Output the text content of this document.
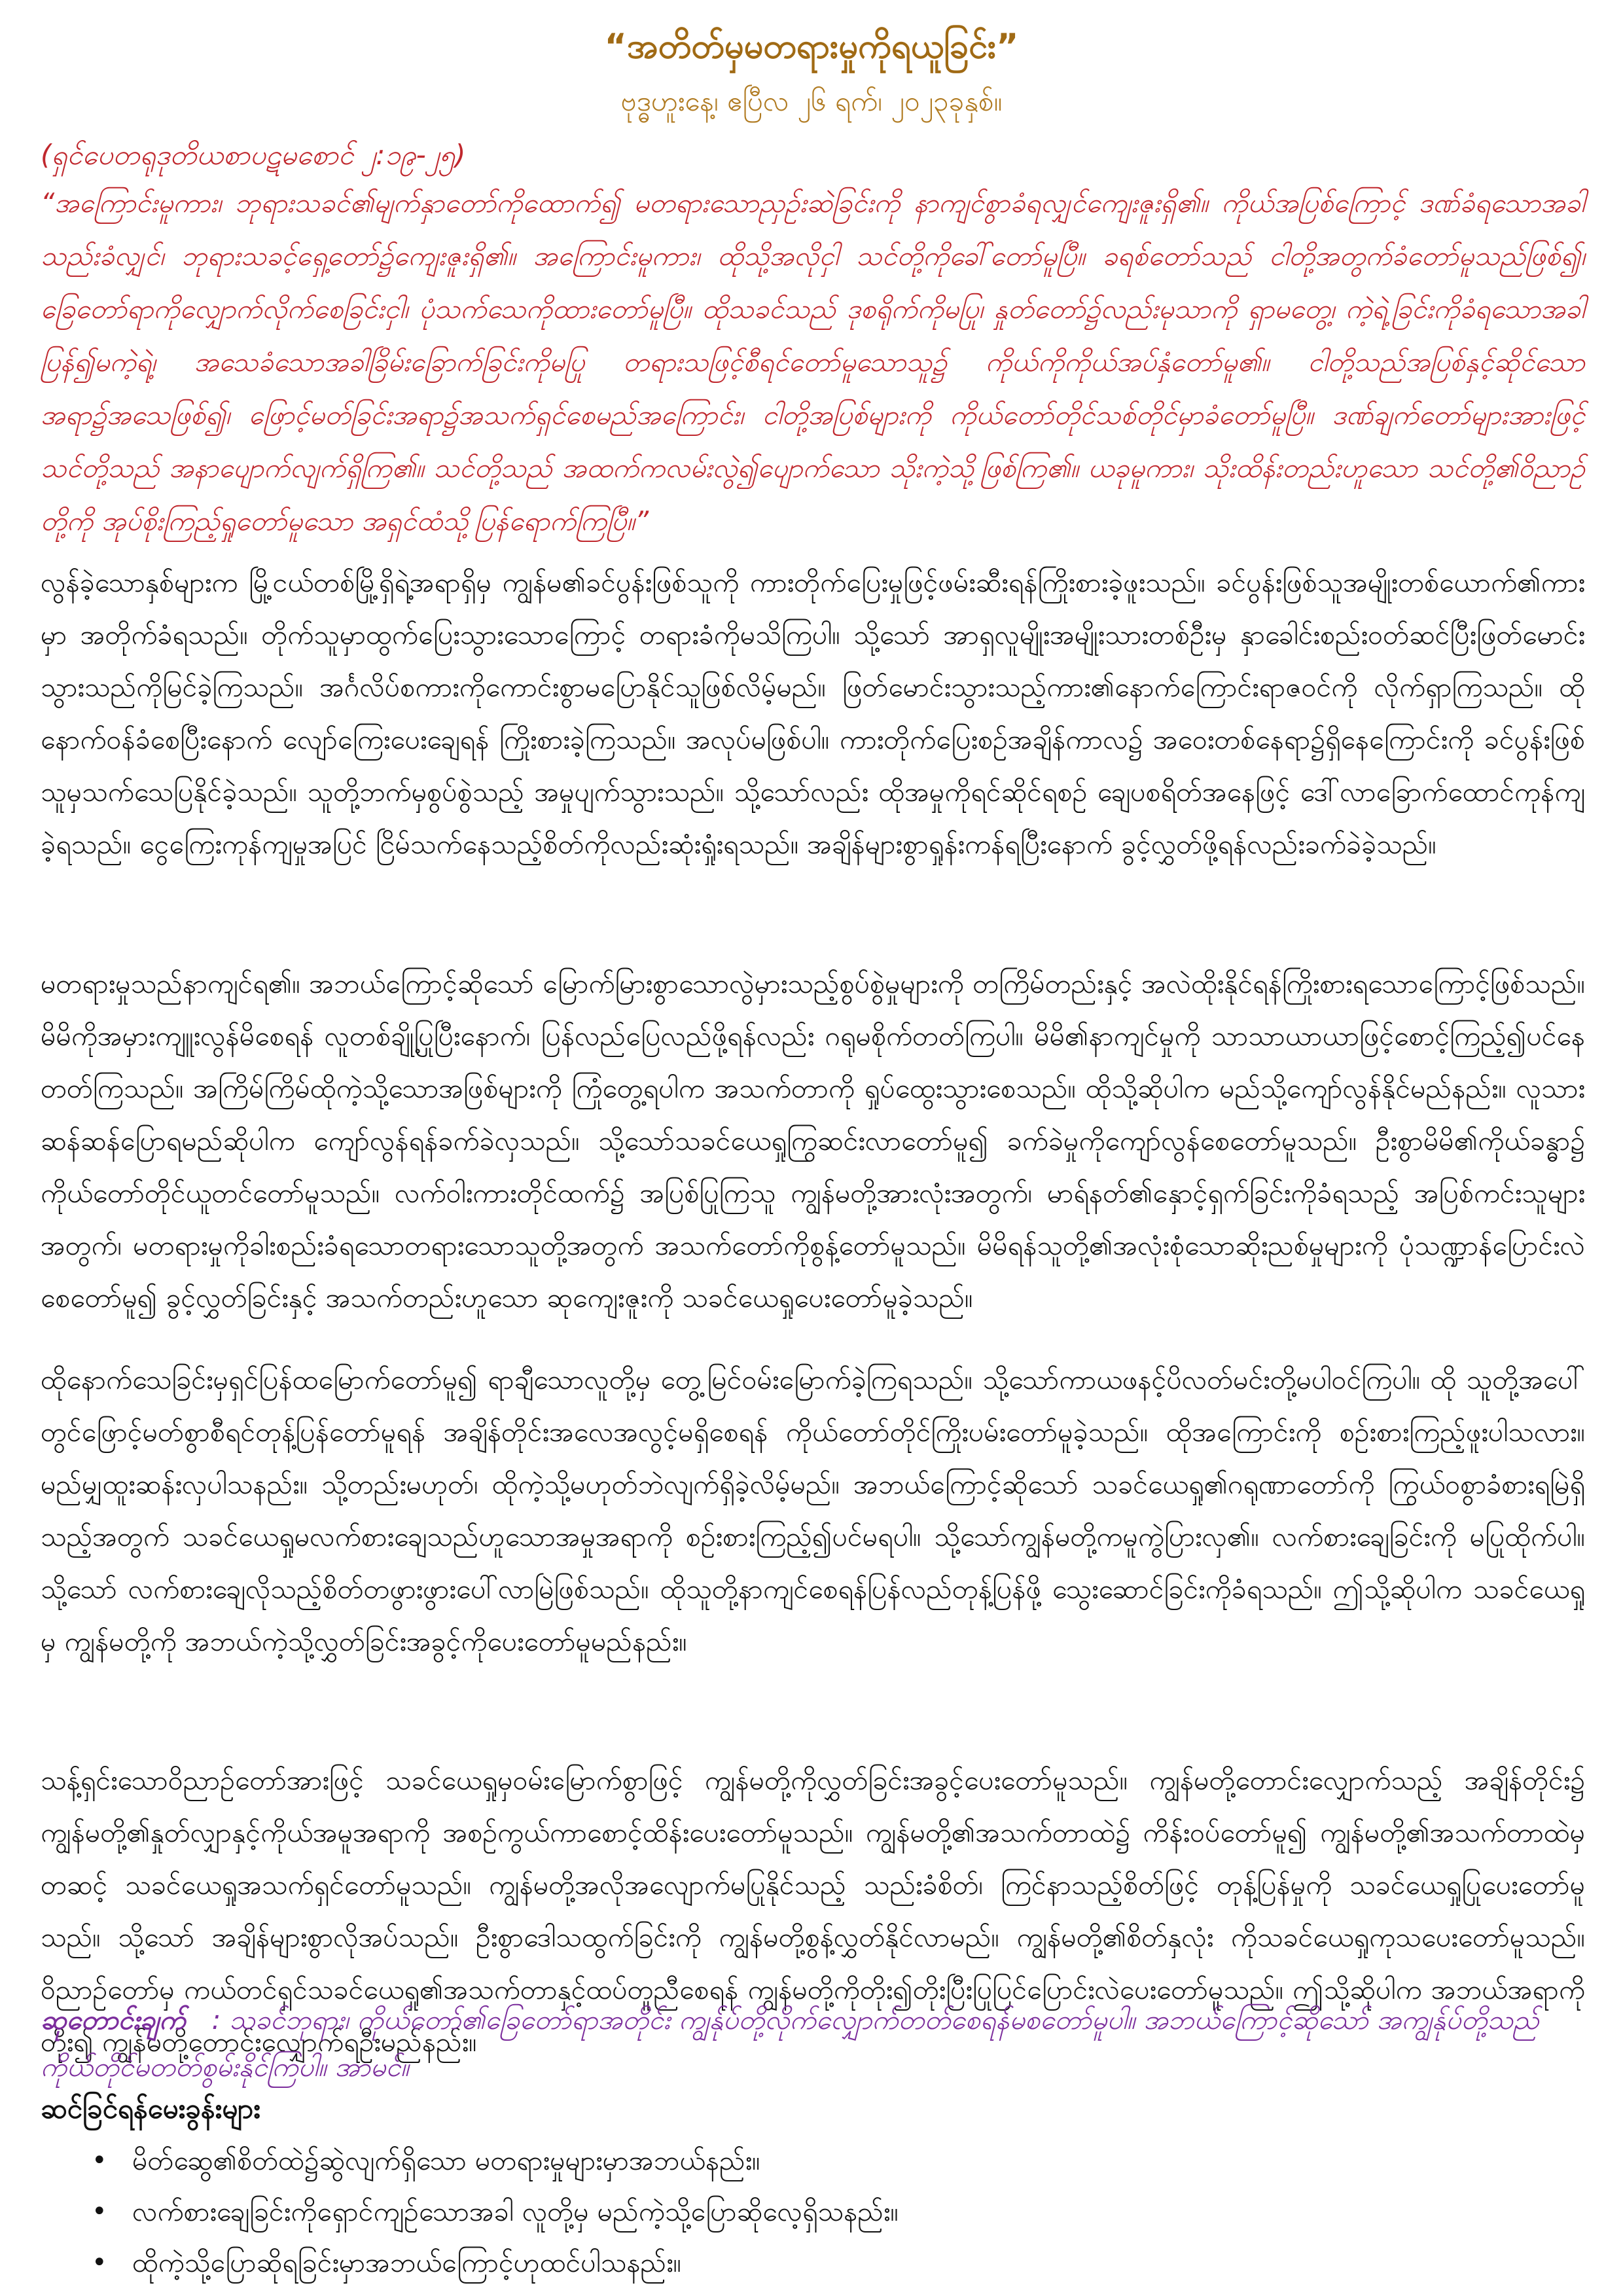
“အတိတ်မှမတရားမှုကိုရယူခြင်း”
ဗုဒ္ဓဟူးနေ့၊ ဧပြီလ ၂၆ ရက်၊ ၂၀၂၃ခုနှစ်။
(ရှင်ပေတရုဒုတိယစာပဋမစောင် ၂:၁၉-၂၅)

“အကြောင်းမူကား၊ ဘုရားသခင်၏မျက်နှာတော်ကိုထောက်၍ မတရားသောညှဉ်းဆဲခြင်းကို နာကျင်စွာခံရလျှင်ကျေးဇူးရှိ၏။ ကိုယ်အပြစ်ကြောင့် ဒဏ်ခံရသောအခါသည်းခံလျှင်၊ ဘုရားသခင့်ရှေ့တော်၌ကျေးဇူးရှိ၏။ အကြောင်းမူကား၊ ထိုသို့အလိုငှါ သင်တို့ကိုခေါ်တော်မူပြီ။ ခရစ်တော်သည် ငါတို့အတွက်ခံတော်မူသည်ဖြစ်၍၊ ခြေတော်ရာကိုလျှောက်လိုက်စေခြင်းငှါ၊ ပုံသက်သေကိုထားတော်မူပြီ။ ထိုသခင်သည် ဒုစရိုက်ကိုမပြု၊ နှုတ်တော်၌လည်းမုသာကို ရှာမတွေ့၊ ကဲ့ရဲ့ခြင်းကိုခံရသောအခါပြန်၍မကဲ့ရဲ့၊ အသေခံသောအခါခြိမ်းခြောက်ခြင်းကိုမပြု တရားသဖြင့်စီရင်တော်မူသောသူ၌ ကိုယ်ကိုကိုယ်အပ်နှံတော်မူ၏။ ငါတို့သည်အပြစ်နှင့်ဆိုင်သောအရာ၌အသေဖြစ်၍၊ ဖြောင့်မတ်ခြင်းအရာ၌အသက်ရှင်စေမည်အကြောင်း၊ ငါတို့အပြစ်များကို ကိုယ်တော်တိုင်သစ်တိုင်မှာခံတော်မူပြီ။ ဒဏ်ချက်တော်များအားဖြင့် သင်တို့သည် အနာပျောက်လျက်ရှိကြ၏။ သင်တို့သည် အထက်ကလမ်းလွဲ၍ပျောက်သော သိုးကဲ့သို့ဖြစ်ကြ၏။ ယခုမူကား၊ သိုးထိန်းတည်းဟူသော သင်တို့၏ဝိညာဉ်တို့ကို အုပ်စိုးကြည့်ရှုတော်မူသော အရှင်ထံသို့ပြန်ရောက်ကြပြီ။”

လွန်ခဲ့သောနှစ်များက မြို့ငယ်တစ်မြို့ရှိရဲ့အရာရှိမှ ကျွန်မ၏ခင်ပွန်းဖြစ်သူကို ကားတိုက်ပြေးမှုဖြင့်ဖမ်းဆီးရန်ကြိုးစားခဲ့ဖူးသည်။ ခင်ပွန်းဖြစ်သူအမျိုးတစ်ယောက်၏ကားမှာ အတိုက်ခံရသည်။ တိုက်သူမှာထွက်ပြေးသွားသောကြောင့် တရားခံကိုမသိကြပါ။ သို့သော် အာရှလူမျိုးအမျိုးသားတစ်ဦးမှ နှာခေါင်းစည်းဝတ်ဆင်ပြီးဖြတ်မောင်းသွားသည်ကိုမြင်ခဲ့ကြသည်။ အင်္ဂလိပ်စကားကိုကောင်းစွာမပြောနိုင်သူဖြစ်လိမ့်မည်။ ဖြတ်မောင်းသွားသည့်ကား၏နောက်ကြောင်းရာဇဝင်ကို လိုက်ရှာကြသည်။ ထိုနောက်ဝန်ခံစေပြီးနောက် လျော်ကြေးပေးချေရန် ကြိုးစားခဲ့ကြသည်။ အလုပ်မဖြစ်ပါ။ ကားတိုက်ပြေးစဉ်အချိန်ကာလ၌ အဝေးတစ်နေရာ၌ရှိနေကြောင်းကို ခင်ပွန်းဖြစ်သူမှသက်သေပြနိုင်ခဲ့သည်။ သူတို့ဘက်မှစွပ်စွဲသည့် အမှုပျက်သွားသည်။ သို့သော်လည်း ထိုအမှုကိုရင်ဆိုင်ရစဉ် ချေပစရိတ်အနေဖြင့် ဒေါ်လာခြောက်ထောင်ကုန်ကျခဲ့ရသည်။ ငွေကြေးကုန်ကျမှုအပြင် ငြိမ်သက်နေသည့်စိတ်ကိုလည်းဆုံးရှုံးရသည်။ အချိန်များစွာရှုန်းကန်ရပြီးနောက် ခွင့်လွှတ်ဖို့ရန်လည်းခက်ခဲခဲ့သည်။

မတရားမှုသည်နာကျင်ရ၏။ အဘယ်ကြောင့်ဆိုသော် မြောက်မြားစွာသောလွဲမှားသည့်စွပ်စွဲမှုများကို တကြိမ်တည်းနှင့် အလဲထိုးနိုင်ရန်ကြိုးစားရသောကြောင့်ဖြစ်သည်။ မိမိကိုအမှားကျူးလွန်မိစေရန် လူတစ်ချို့ပြုပြီးနောက်၊ ပြန်လည်ပြေလည်ဖို့ရန်လည်း ဂရုမစိုက်တတ်ကြပါ။ မိမိ၏နာကျင်မှုကို သာသာယာယာဖြင့်စောင့်ကြည့်၍ပင်နေတတ်ကြသည်။ အကြိမ်ကြိမ်ထိုကဲ့သို့သောအဖြစ်များကို ကြုံတွေ့ရပါက အသက်တာကို ရှုပ်ထွေးသွားစေသည်။ ထိုသို့ဆိုပါက မည်သို့ကျော်လွန်နိုင်မည်နည်း။ လူသားဆန်ဆန်ပြောရမည်ဆိုပါက ကျော်လွန်ရန်ခက်ခဲလှသည်။ သို့သော်သခင်ယေရှုကြွဆင်းလာတော်မူ၍ ခက်ခဲမှုကိုကျော်လွန်စေတော်မူသည်။ ဦးစွာမိမိ၏ကိုယ်ခန္ဓာ၌ ကိုယ်တော်တိုင်ယူတင်တော်မူသည်။ လက်ဝါးကားတိုင်ထက်၌ အပြစ်ပြုကြသူ ကျွန်မတို့အားလုံးအတွက်၊ မာရ်နတ်၏နှောင့်ရှက်ခြင်းကိုခံရသည့် အပြစ်ကင်းသူများအတွက်၊ မတရားမှုကိုခါးစည်းခံရသောတရားသောသူတို့အတွက် အသက်တော်ကိုစွန့်တော်မူသည်။ မိမိရန်သူတို့၏အလုံးစုံသောဆိုးညစ်မှုများကို ပုံသဏ္ဍာန်ပြောင်းလဲစေတော်မူ၍ ခွင့်လွှတ်ခြင်းနှင့် အသက်တည်းဟူသော ဆုကျေးဇူးကို သခင်ယေရှုပေးတော်မူခဲ့သည်။

ထိုနောက်သေခြင်းမှရှင်ပြန်ထမြောက်တော်မူ၍ ရာချီသောလူတို့မှ တွေ့မြင်ဝမ်းမြောက်ခဲ့ကြရသည်။ သို့သော်ကာယဖနင့်ပိလတ်မင်းတို့မပါဝင်ကြပါ။ ထို သူတို့အပေါ်တွင်ဖြောင့်မတ်စွာစီရင်တုန့်ပြန်တော်မူရန် အချိန်တိုင်းအလေအလွင့်မရှိစေရန် ကိုယ်တော်တိုင်ကြိုးပမ်းတော်မူခဲ့သည်။ ထိုအကြောင်းကို စဉ်းစားကြည့်ဖူးပါသလား။ မည်မျှထူးဆန်းလှပါသနည်း။ သို့တည်းမဟုတ်၊ ထိုကဲ့သို့မဟုတ်ဘဲလျက်ရှိခဲ့လိမ့်မည်။ အဘယ်ကြောင့်ဆိုသော် သခင်ယေရှု၏ဂရုဏာတော်ကို ကြွယ်ဝစွာခံစားရမြဲရှိသည့်အတွက် သခင်ယေရှုမလက်စားချေသည်ဟူသောအမှုအရာကို စဉ်းစားကြည့်၍ပင်မရပါ။ သို့သော်ကျွန်မတို့ကမူကွဲပြားလှ၏။ လက်စားချေခြင်းကို မပြုထိုက်ပါ။ သို့သော် လက်စားချေလိုသည့်စိတ်တဖွားဖွားပေါ်လာမြဲဖြစ်သည်။ ထိုသူတို့နာကျင်စေရန်ပြန်လည်တုန့်ပြန်ဖို့ သွေးဆောင်ခြင်းကိုခံရသည်။ ဤသို့ဆိုပါက သခင်ယေရှုမှ ကျွန်မတို့ကို အဘယ်ကဲ့သို့လွှတ်ခြင်းအခွင့်ကိုပေးတော်မူမည်နည်း။

သန့်ရှင်းသောဝိညာဉ်တော်အားဖြင့် သခင်ယေရှုမှဝမ်းမြောက်စွာဖြင့် ကျွန်မတို့ကိုလွှတ်ခြင်းအခွင့်ပေးတော်မူသည်။ ကျွန်မတို့တောင်းလျှောက်သည့် အချိန်တိုင်း၌ ကျွန်မတို့၏နှုတ်လျှာနှင့်ကိုယ်အမူအရာကို အစဉ်ကွယ်ကာစောင့်ထိန်းပေးတော်မူသည်။ ကျွန်မတို့၏အသက်တာထဲ၌ ကိန်းဝပ်တော်မူ၍ ကျွန်မတို့၏အသက်တာထဲမှတဆင့် သခင်ယေရှုအသက်ရှင်တော်မူသည်။ ကျွန်မတို့အလိုအလျောက်မပြုနိုင်သည့် သည်းခံစိတ်၊ ကြင်နာသည့်စိတ်ဖြင့် တုန့်ပြန်မှုကို သခင်ယေရှုပြုပေးတော်မူသည်။ သို့သော် အချိန်များစွာလိုအပ်သည်။ ဦးစွာဒေါသထွက်ခြင်းကို ကျွန်မတို့စွန့်လွှတ်နိုင်လာမည်။ ကျွန်မတို့၏စိတ်နှလုံး ကိုသခင်ယေရှုကုသပေးတော်မူသည်။ ဝိညာဉ်တော်မှ ကယ်တင်ရှင်သခင်ယေရှု၏အသက်တာနှင့်ထပ်တူညီစေရန် ကျွန်မတို့ကိုတိုး၍တိုးပြီးပြုပြင်ပြောင်းလဲပေးတော်မူသည်။ ဤသို့ဆိုပါက အဘယ်အရာကိုတိုး၍ ကျွန်မတို့တောင်းလျှောက်ရဦးမည်နည်း။

ဆုတောင်းချက် : သခင်ဘုရား၊ ကိုယ်တော်၏ခြေတော်ရာအတိုင်း ကျွန်ုပ်တို့လိုက်လျှောက်တတ်စေရန်မစတော်မူပါ။ အဘယ်ကြောင့်ဆိုသော် အကျွန်ုပ်တို့သည် ကိုယ်တိုင်မတတ်စွမ်းနိုင်ကြပါ။ အာမင်။

ဆင်ခြင်ရန်မေးခွန်းများ
• မိတ်ဆွေ၏စိတ်ထဲ၌ဆွဲလျက်ရှိသော မတရားမှုများမှာအဘယ်နည်း။
• လက်စားချေခြင်းကိုရှောင်ကျဉ်သောအခါ လူတို့မှ မည်ကဲ့သို့ပြောဆိုလေ့ရှိသနည်း။
• ထိုကဲ့သို့ပြောဆိုရခြင်းမှာအဘယ်ကြောင့်ဟုထင်ပါသနည်း။
